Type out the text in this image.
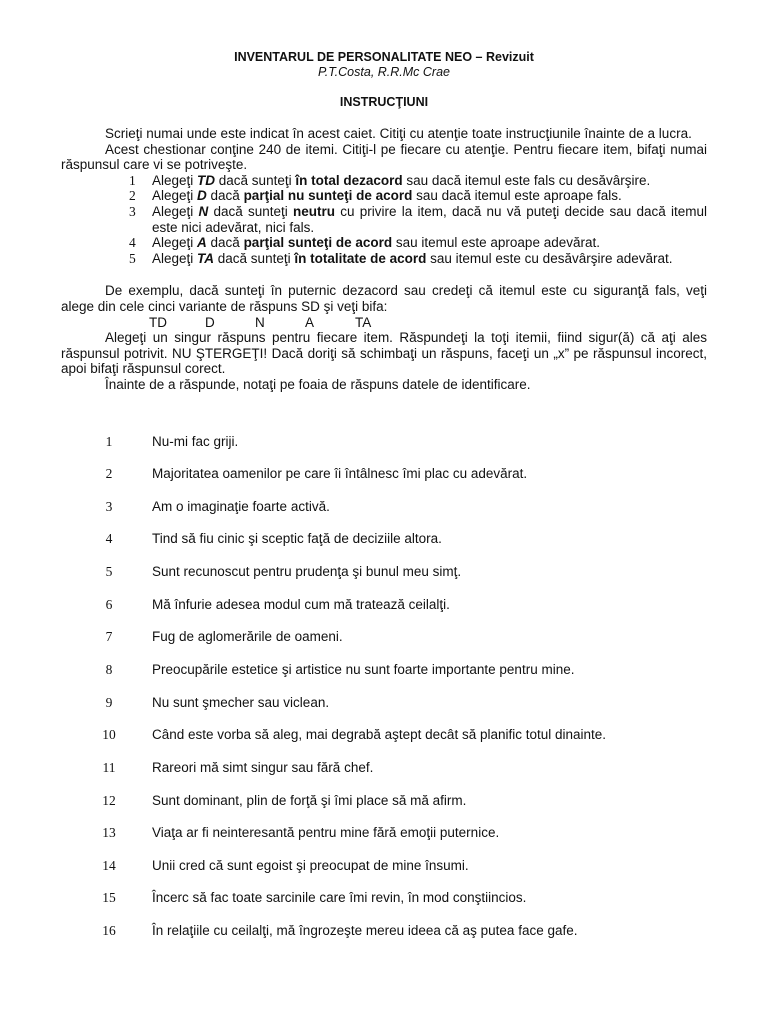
INVENTARUL DE PERSONALITATE NEO – Revizuit
P.T.Costa, R.R.Mc Crae
INSTRUCŢIUNI

Scrieţi numai unde este indicat în acest caiet. Citiţi cu atenţie toate instrucţiunile înainte de a lucra.

Acest chestionar conţine 240 de itemi. Citiţi-l pe fiecare cu atenţie. Pentru fiecare item, bifaţi numai răspunsul care vi se potriveşte.

1 Alegeţi TD dacă sunteţi în total dezacord sau dacă itemul este fals cu desăvârşire.
2 Alegeţi D dacă parţial nu sunteţi de acord sau dacă itemul este aproape fals.
3 Alegeţi N dacă sunteţi neutru cu privire la item, dacă nu vă puteţi decide sau dacă itemul este nici adevărat, nici fals.
4 Alegeţi A dacă parţial sunteţi de acord sau itemul este aproape adevărat.
5 Alegeţi TA dacă sunteţi în totalitate de acord sau itemul este cu desăvârşire adevărat.

De exemplu, dacă sunteţi în puternic dezacord sau credeţi că itemul este cu siguranţă fals, veţi alege din cele cinci variante de răspuns SD şi veţi bifa:

TD	D	N	A	TA

Alegeţi un singur răspuns pentru fiecare item. Răspundeţi la toţi itemii, fiind sigur(ă) că aţi ales răspunsul potrivit. NU ŞTERGEŢI! Dacă doriţi să schimbaţi un răspuns, faceţi un „x” pe răspunsul incorect, apoi bifaţi răspunsul corect.

Înainte de a răspunde, notaţi pe foaia de răspuns datele de identificare.

1	Nu-mi fac griji.
2	Majoritatea oamenilor pe care îi întâlnesc îmi plac cu adevărat.
3	Am o imaginaţie foarte activă.
4	Tind să fiu cinic şi sceptic faţă de deciziile altora.
5	Sunt recunoscut pentru prudenţa şi bunul meu simţ.
6	Mă înfurie adesea modul cum mă tratează ceilalţi.
7	Fug de aglomerările de oameni.
8	Preocupările estetice şi artistice nu sunt foarte importante pentru mine.
9	Nu sunt şmecher sau viclean.
10	Când este vorba să aleg, mai degrabă aştept decât să planific totul dinainte.
11	Rareori mă simt singur sau fără chef.
12	Sunt dominant, plin de forţă şi îmi place să mă afirm.
13	Viaţa ar fi neinteresantă pentru mine fără emoţii puternice.
14	Unii cred că sunt egoist şi preocupat de mine însumi.
15	Încerc să fac toate sarcinile care îmi revin, în mod conştiincios.
16	În relaţiile cu ceilalţi, mă îngrozeşte mereu ideea că aş putea face gafe.
